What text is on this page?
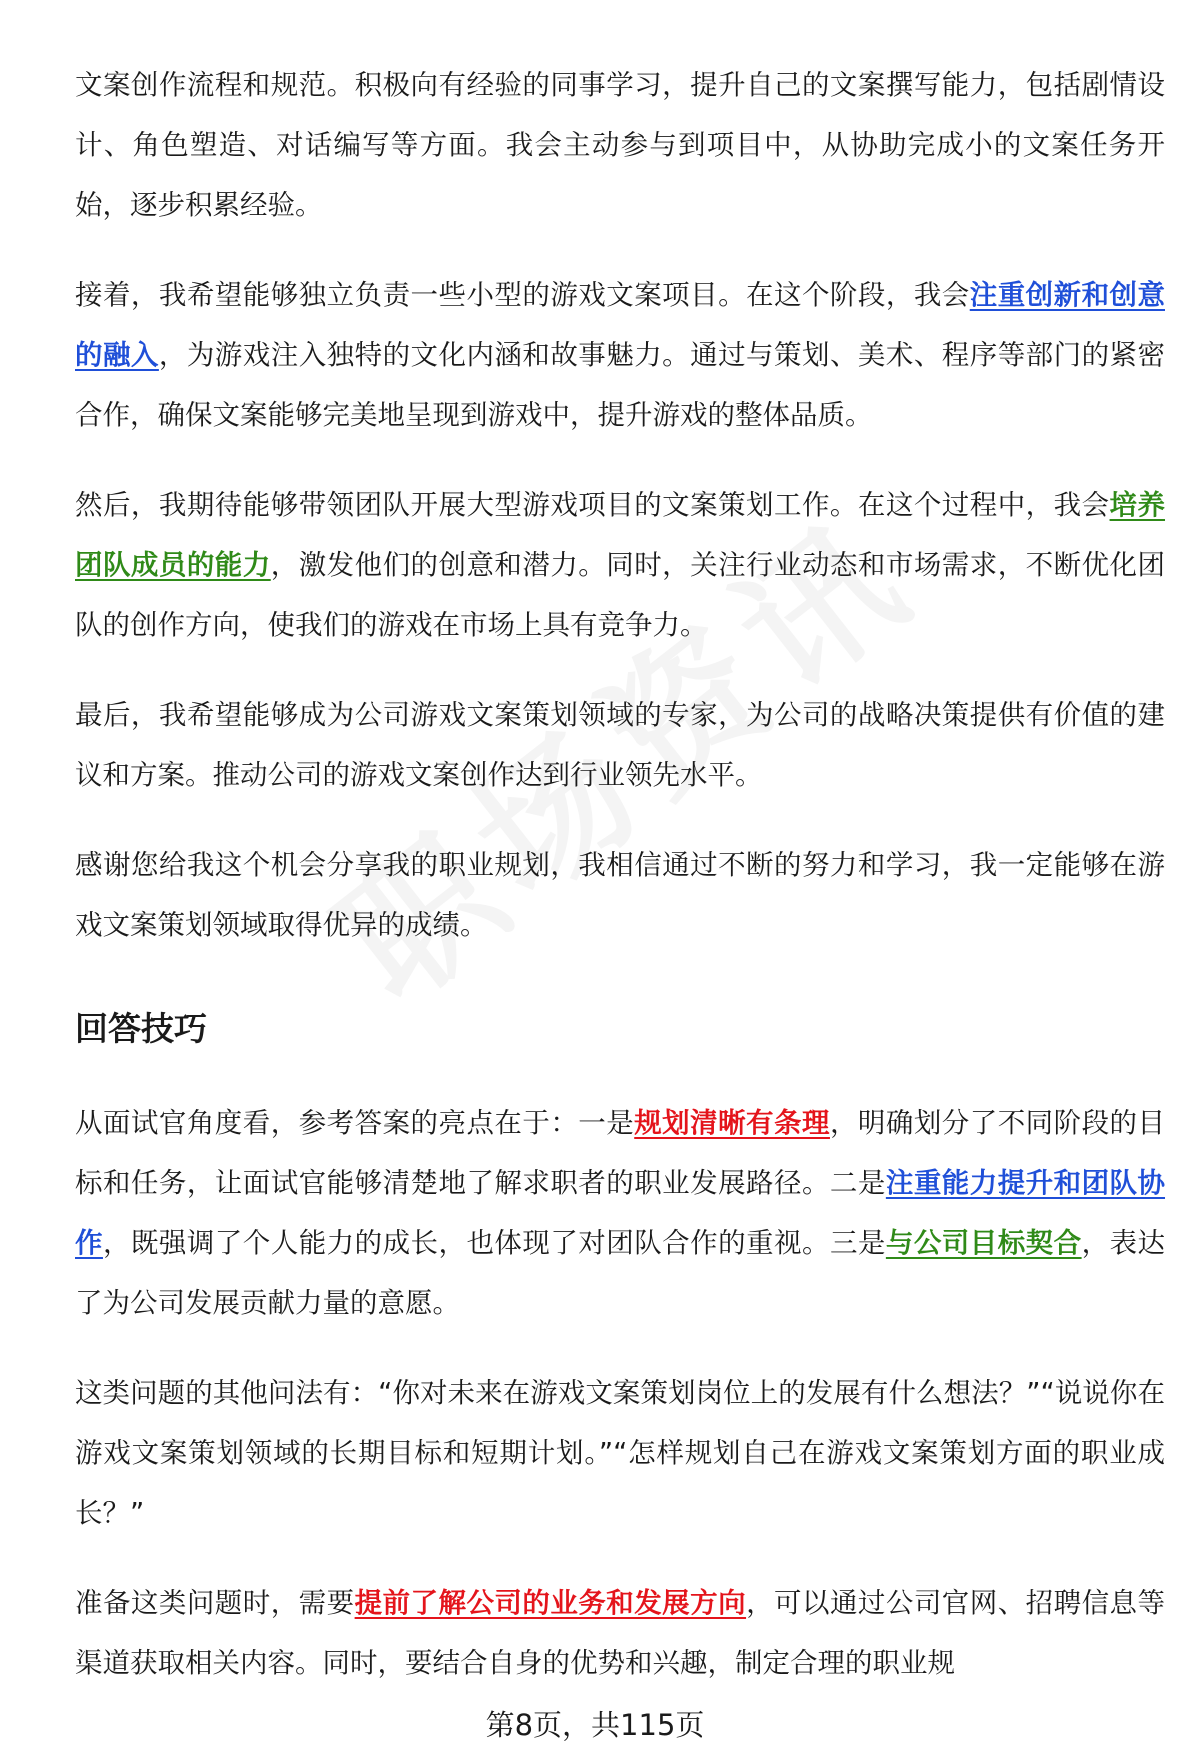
文案创作流程和规范。积极向有经验的同事学习，提升自己的文案撰写能力，包括剧情设计、角色塑造、对话编写等方面。我会主动参与到项目中，从协助完成小的文案任务开始，逐步积累经验。

接着，我希望能够独立负责一些小型的游戏文案项目。在这个阶段，我会注重创新和创意的融入，为游戏注入独特的文化内涵和故事魅力。通过与策划、美术、程序等部门的紧密合作，确保文案能够完美地呈现到游戏中，提升游戏的整体品质。

然后，我期待能够带领团队开展大型游戏项目的文案策划工作。在这个过程中，我会培养团队成员的能力，激发他们的创意和潜力。同时，关注行业动态和市场需求，不断优化团队的创作方向，使我们的游戏在市场上具有竞争力。

最后，我希望能够成为公司游戏文案策划领域的专家，为公司的战略决策提供有价值的建议和方案。推动公司的游戏文案创作达到行业领先水平。

感谢您给我这个机会分享我的职业规划，我相信通过不断的努力和学习，我一定能够在游戏文案策划领域取得优异的成绩。

回答技巧

从面试官角度看，参考答案的亮点在于：一是规划清晰有条理，明确划分了不同阶段的目标和任务，让面试官能够清楚地了解求职者的职业发展路径。二是注重能力提升和团队协作，既强调了个人能力的成长，也体现了对团队合作的重视。三是与公司目标契合，表达了为公司发展贡献力量的意愿。

这类问题的其他问法有：“你对未来在游戏文案策划岗位上的发展有什么想法？”“说说你在游戏文案策划领域的长期目标和短期计划。”“怎样规划自己在游戏文案策划方面的职业成长？”

准备这类问题时，需要提前了解公司的业务和发展方向，可以通过公司官网、招聘信息等渠道获取相关内容。同时，要结合自身的优势和兴趣，制定合理的职业规

第8页，共115页
